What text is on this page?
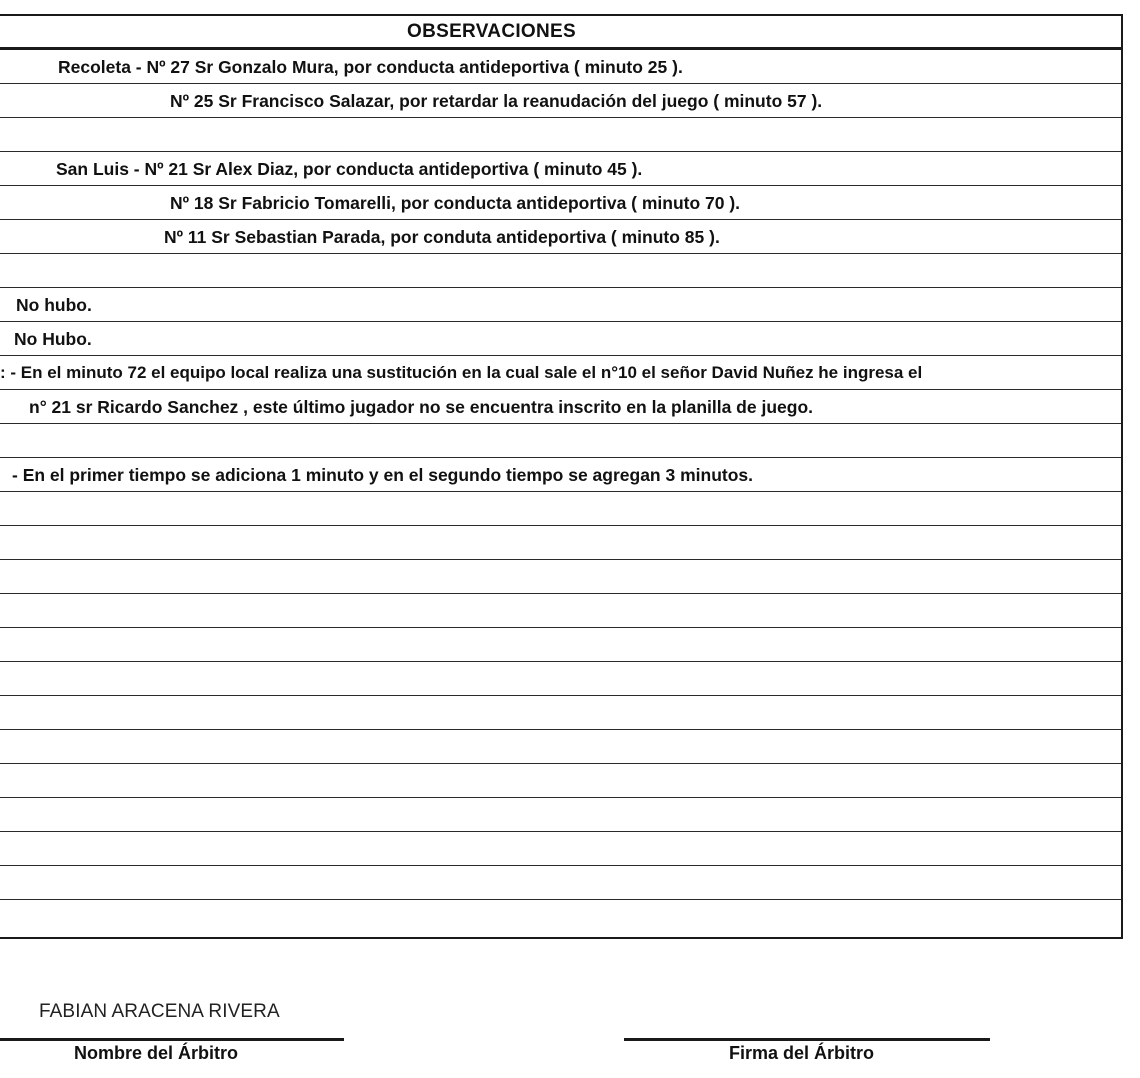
OBSERVACIONES
Recoleta - Nº 27 Sr Gonzalo Mura, por conducta antideportiva ( minuto 25 ).
Nº 25 Sr Francisco Salazar, por retardar la reanudación del juego ( minuto 57 ).
San Luis - Nº 21 Sr Alex Diaz, por conducta antideportiva ( minuto 45 ).
Nº 18 Sr Fabricio Tomarelli, por conducta antideportiva ( minuto 70 ).
Nº 11 Sr Sebastian Parada, por conduta antideportiva ( minuto 85 ).
No hubo.
No Hubo.
: - En el minuto 72 el equipo local realiza una sustitución en la cual sale el n°10 el señor David Nuñez he ingresa el
n° 21 sr Ricardo Sanchez , este último jugador no se encuentra inscrito en la planilla de juego.
- En el primer tiempo se adiciona 1 minuto y en el segundo tiempo se agregan 3 minutos.
FABIAN ARACENA RIVERA
Nombre del Árbitro	Firma del Árbitro
